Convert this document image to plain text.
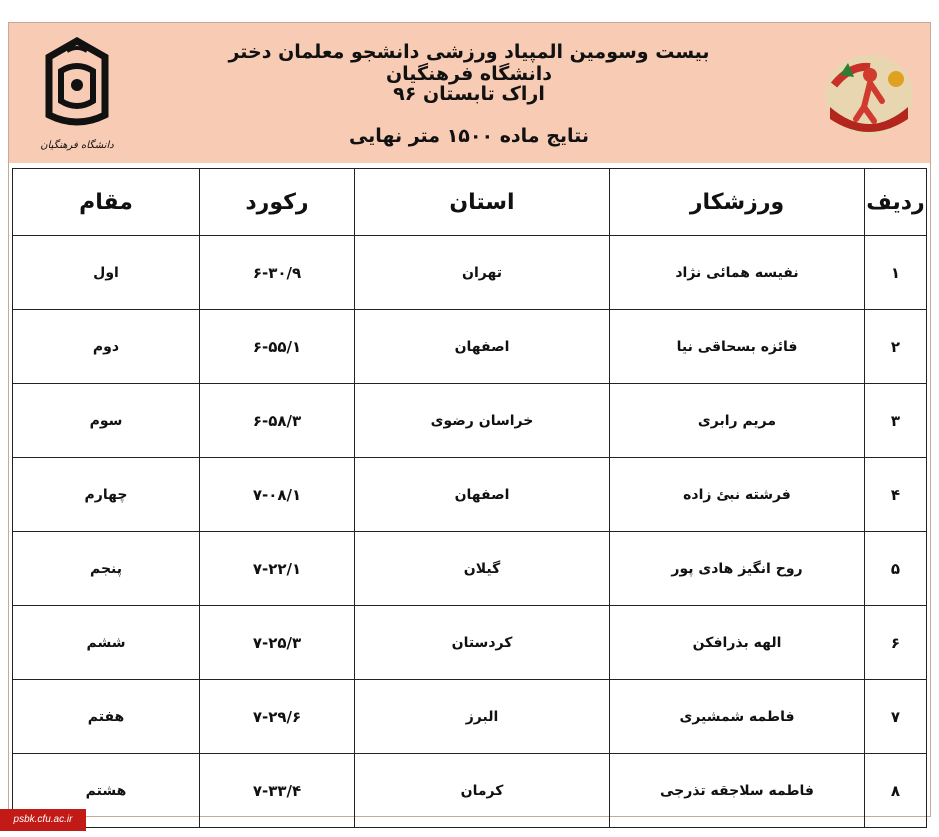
دانشگاه فرهنگیان
بیست وسومین المپیاد ورزشی دانشجو معلمان دختر دانشگاه فرهنگیان
اراک تابستان ۹۶
نتایج ماده ۱۵۰۰ متر نهایی
ردیف	ورزشکار	استان	رکورد	مقام
۱	نفیسه همائی نژاد	تهران	۶-۳۰/۹	اول
۲	فائزه بسحاقی نیا	اصفهان	۶-۵۵/۱	دوم
۳	مریم رابری	خراسان رضوی	۶-۵۸/۳	سوم
۴	فرشته نبئ زاده	اصفهان	۷-۰۸/۱	چهارم
۵	روح انگیز هادی پور	گیلان	۷-۲۲/۱	پنجم
۶	الهه بذرافکن	کردستان	۷-۲۵/۳	ششم
۷	فاطمه شمشیری	البرز	۷-۲۹/۶	هفتم
۸	فاطمه سلاجقه تذرجی	کرمان	۷-۳۳/۴	هشتم
psbk.cfu.ac.ir
